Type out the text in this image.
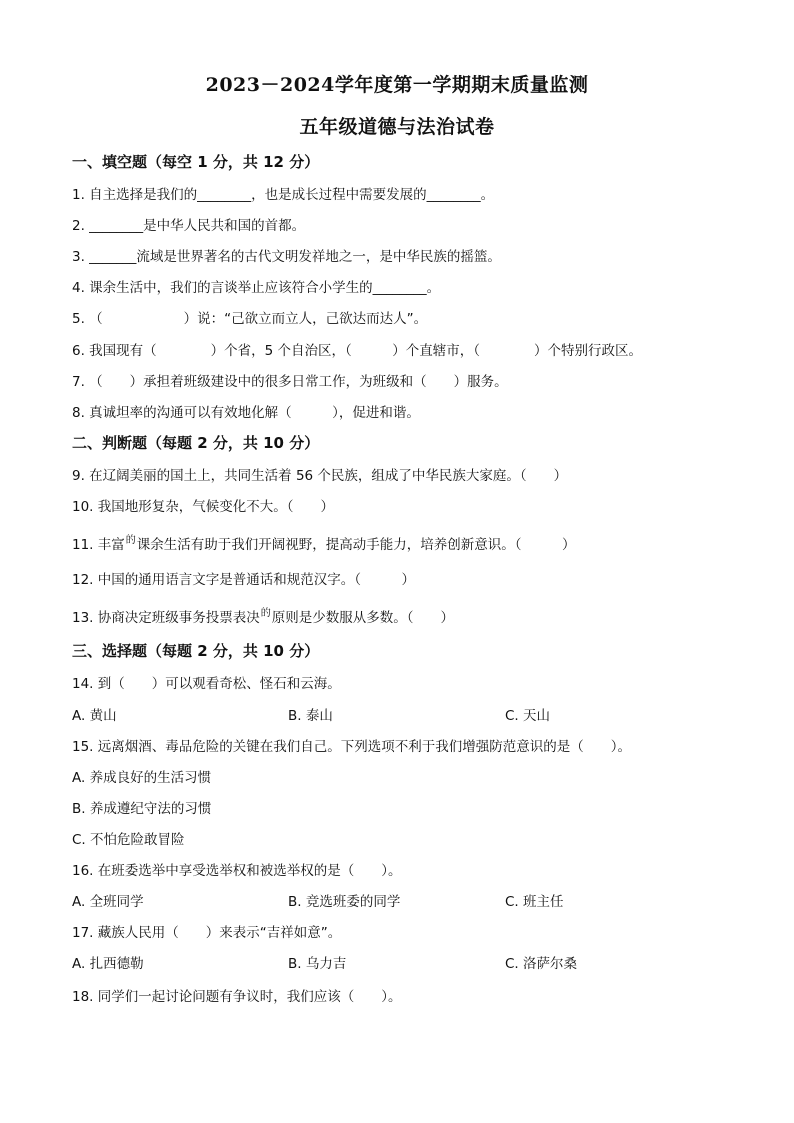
2023－2024学年度第一学期期末质量监测
五年级道德与法治试卷
一、填空题（每空 1 分，共 12 分）
1. 自主选择是我们的________，也是成长过程中需要发展的________。
2. ________是中华人民共和国的首都。
3. _______流域是世界著名的古代文明发祥地之一，是中华民族的摇篮。
4. 课余生活中，我们的言谈举止应该符合小学生的________。
5. （　　　　　　）说：“己欲立而立人，己欲达而达人”。
6. 我国现有（　　　　）个省，5 个自治区，（　　　）个直辖市，（　　　　）个特别行政区。
7. （　　）承担着班级建设中的很多日常工作，为班级和（　　）服务。
8. 真诚坦率的沟通可以有效地化解（　　　），促进和谐。
二、判断题（每题 2 分，共 10 分）
9. 在辽阔美丽的国土上，共同生活着 56 个民族，组成了中华民族大家庭。（　　）
10. 我国地形复杂，气候变化不大。（　　）
11. 丰富$^的$课余生活有助于我们开阔视野，提高动手能力，培养创新意识。（　　　）
12. 中国的通用语言文字是普通话和规范汉字。（　　　）
13. 协商决定班级事务投票表决$^的$原则是少数服从多数。（　　）
三、选择题（每题 2 分，共 10 分）
14. 到（　　）可以观看奇松、怪石和云海。
A. 黄山	B. 泰山	C. 天山
15. 远离烟酒、毒品危险的关键在我们自己。下列选项不利于我们增强防范意识的是（　　）。
A. 养成良好的生活习惯
B. 养成遵纪守法的习惯
C. 不怕危险敢冒险
16. 在班委选举中享受选举权和被选举权的是（　　）。
A. 全班同学	B. 竞选班委的同学	C. 班主任
17. 藏族人民用（　　）来表示“吉祥如意”。
A. 扎西德勒	B. 乌力吉	C. 洛萨尔桑
18. 同学们一起讨论问题有争议时，我们应该（　　）。
